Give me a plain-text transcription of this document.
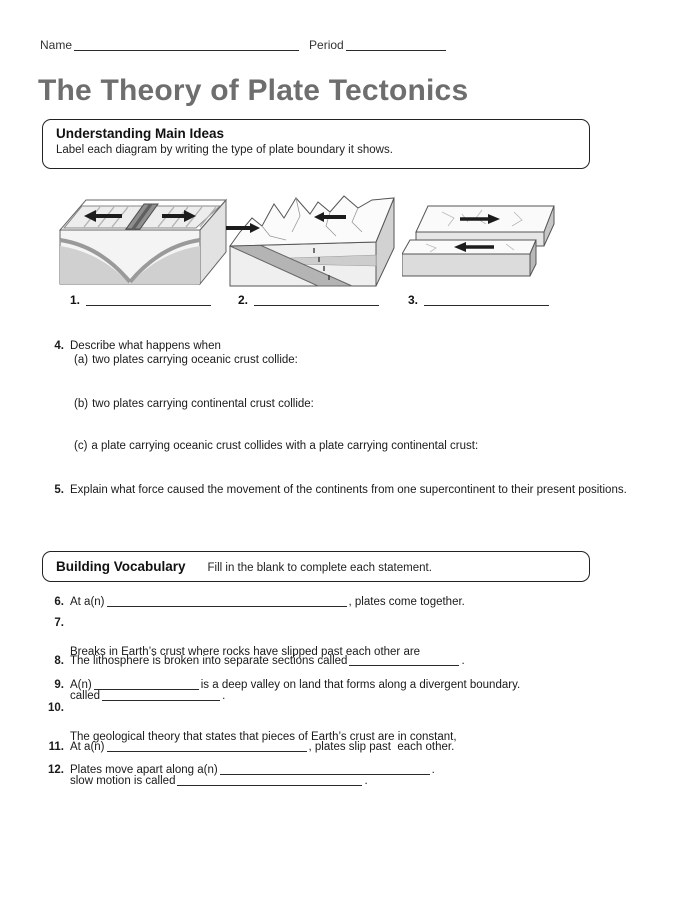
Name	Period
The Theory of Plate Tectonics
Understanding Main Ideas
Label each diagram by writing the type of plate boundary it shows.
1.	2.	3.
4. Describe what happens when
(a) two plates carrying oceanic crust collide:
(b) two plates carrying continental crust collide:
(c) a plate carrying oceanic crust collides with a plate carrying continental crust:
5. Explain what force caused the movement of the continents from one supercontinent to their present positions.
Building Vocabulary Fill in the blank to complete each statement.
6. At a(n)	, plates come together.
7.

Breaks in Earth’s crust where rocks have slipped past each other are

called	.

8. The lithosphere is broken into separate sections called	.
9. A(n)	is a deep valley on land that forms along a divergent boundary.
10.

The geological theory that states that pieces of Earth’s crust are in constant,

slow motion is called	.

11. At a(n)	, plates slip past  each other.
12. Plates move apart along a(n)	.
